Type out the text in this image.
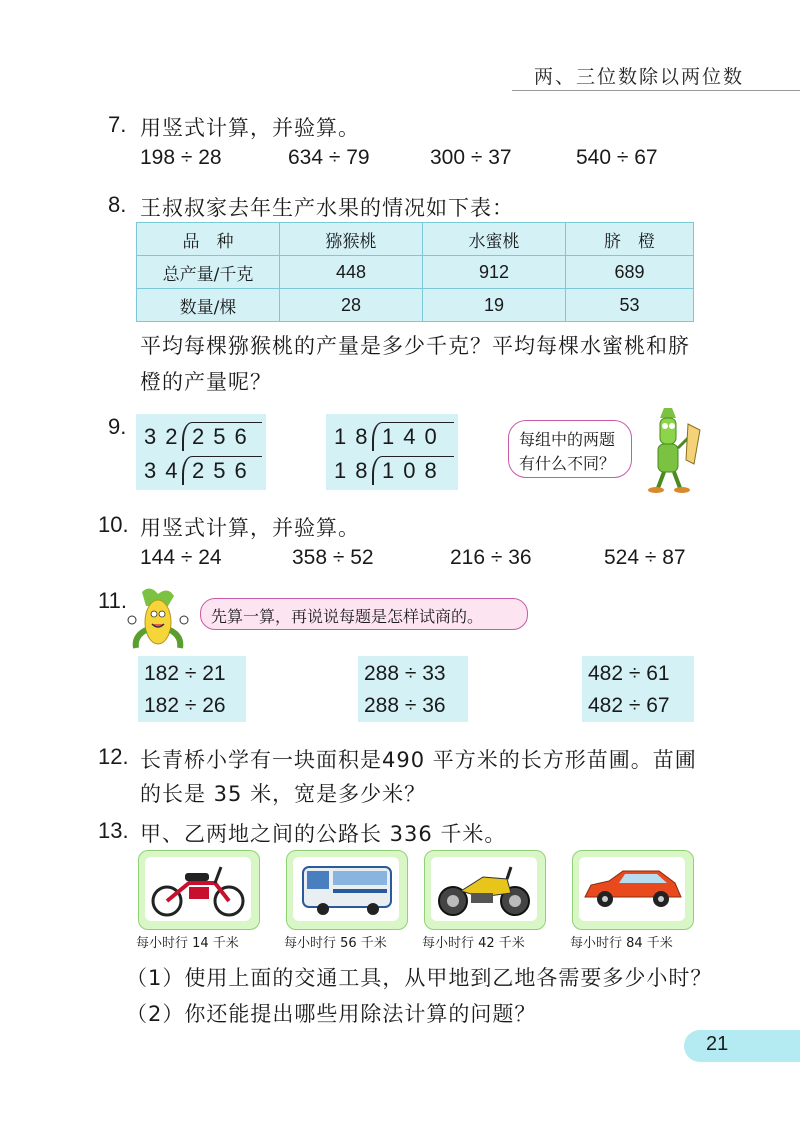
两、三位数除以两位数
7. 用竖式计算，并验算。
198 ÷ 28	634 ÷ 79	300 ÷ 37	540 ÷ 67
8. 王叔叔家去年生产水果的情况如下表：
品　种	猕猴桃	水蜜桃	脐　橙
总产量/千克	448	912	689
数量/棵	28	19	53
平均每棵猕猴桃的产量是多少千克？平均每棵水蜜桃和脐
橙的产量呢？
9. 32 256
34 256
18 140
18 108
每组中的两题
有什么不同？
10. 用竖式计算，并验算。
144 ÷ 24	358 ÷ 52	216 ÷ 36	524 ÷ 87
11.
先算一算，再说说每题是怎样试商的。
182 ÷ 21
182 ÷ 26
288 ÷ 33
288 ÷ 36
482 ÷ 61
482 ÷ 67
12. 长青桥小学有一块面积是490 平方米的长方形苗圃。苗圃
的长是 35 米，宽是多少米？
13. 甲、乙两地之间的公路长 336 千米。
每小时行 14 千米	每小时行 56 千米	每小时行 42 千米	每小时行 84 千米
（1）使用上面的交通工具，从甲地到乙地各需要多少小时？
（2）你还能提出哪些用除法计算的问题？
21
